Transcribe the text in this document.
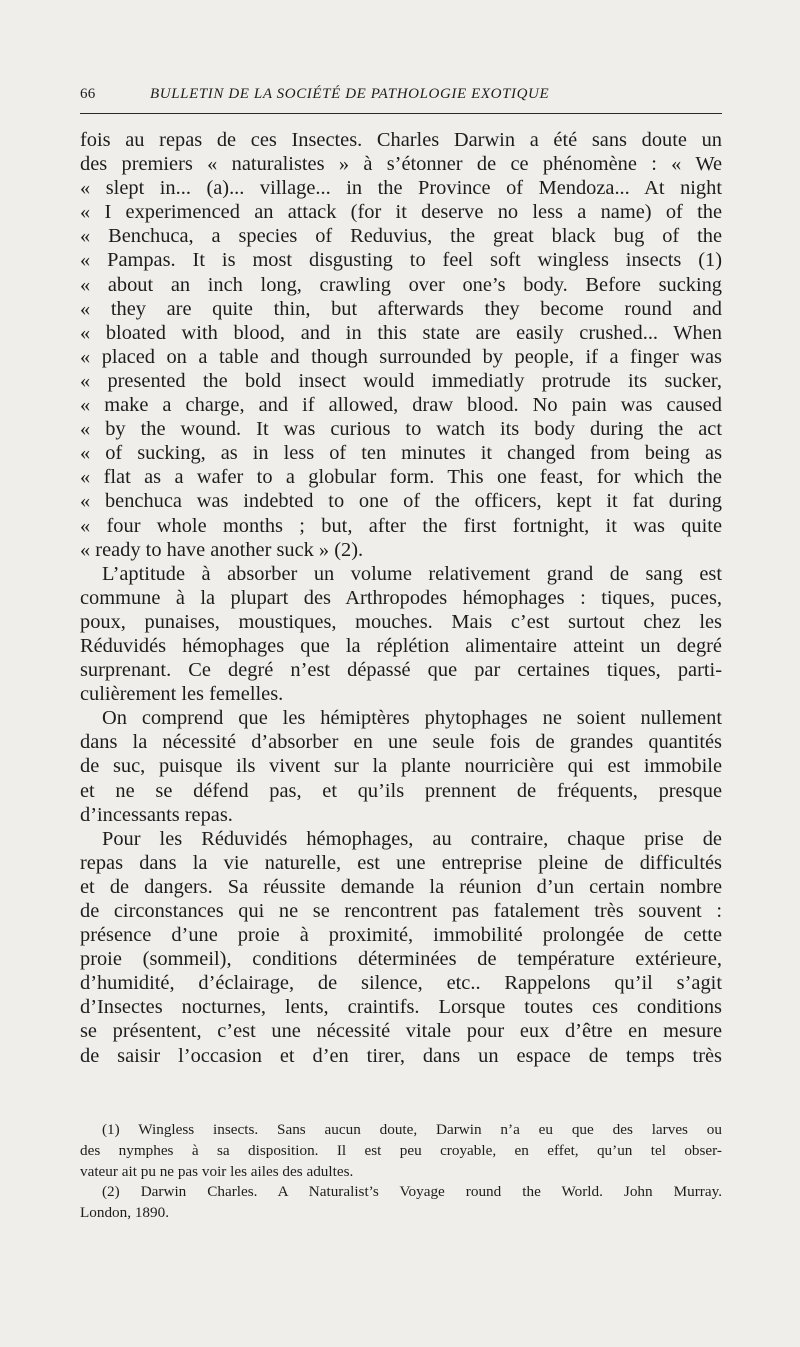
66	BULLETIN DE LA SOCIÉTÉ DE PATHOLOGIE EXOTIQUE
fois au repas de ces Insectes. Charles Darwin a été sans doute un
des premiers « naturalistes » à s’étonner de ce phénomène : « We
« slept in... (a)... village... in the Province of Mendoza... At night
« I experimenced an attack (for it deserve no less a name) of the
« Benchuca, a species of Reduvius, the great black bug of the
« Pampas. It is most disgusting to feel soft wingless insects (1)
« about an inch long, crawling over one’s body. Before sucking
« they are quite thin, but afterwards they become round and
« bloated with blood, and in this state are easily crushed... When
« placed on a table and though surrounded by people, if a finger was
« presented the bold insect would immediatly protrude its sucker,
« make a charge, and if allowed, draw blood. No pain was caused
« by the wound. It was curious to watch its body during the act
« of sucking, as in less of ten minutes it changed from being as
« flat as a wafer to a globular form. This one feast, for which the
« benchuca was indebted to one of the officers, kept it fat during
« four whole months ; but, after the first fortnight, it was quite
« ready to have another suck » (2).
L’aptitude à absorber un volume relativement grand de sang est
commune à la plupart des Arthropodes hémophages : tiques, puces,
poux, punaises, moustiques, mouches. Mais c’est surtout chez les
Réduvidés hémophages que la réplétion alimentaire atteint un degré
surprenant. Ce degré n’est dépassé que par certaines tiques, parti-
culièrement les femelles.
On comprend que les hémiptères phytophages ne soient nullement
dans la nécessité d’absorber en une seule fois de grandes quantités
de suc, puisque ils vivent sur la plante nourricière qui est immobile
et ne se défend pas, et qu’ils prennent de fréquents, presque
d’incessants repas.
Pour les Réduvidés hémophages, au contraire, chaque prise de
repas dans la vie naturelle, est une entreprise pleine de difficultés
et de dangers. Sa réussite demande la réunion d’un certain nombre
de circonstances qui ne se rencontrent pas fatalement très souvent :
présence d’une proie à proximité, immobilité prolongée de cette
proie (sommeil), conditions déterminées de température extérieure,
d’humidité, d’éclairage, de silence, etc.. Rappelons qu’il s’agit
d’Insectes nocturnes, lents, craintifs. Lorsque toutes ces conditions
se présentent, c’est une nécessité vitale pour eux d’être en mesure
de saisir l’occasion et d’en tirer, dans un espace de temps très
(1) Wingless insects. Sans aucun doute, Darwin n’a eu que des larves ou
des nymphes à sa disposition. Il est peu croyable, en effet, qu’un tel obser-
vateur ait pu ne pas voir les ailes des adultes.
(2) Darwin Charles. A Naturalist’s Voyage round the World. John Murray.
London, 1890.
